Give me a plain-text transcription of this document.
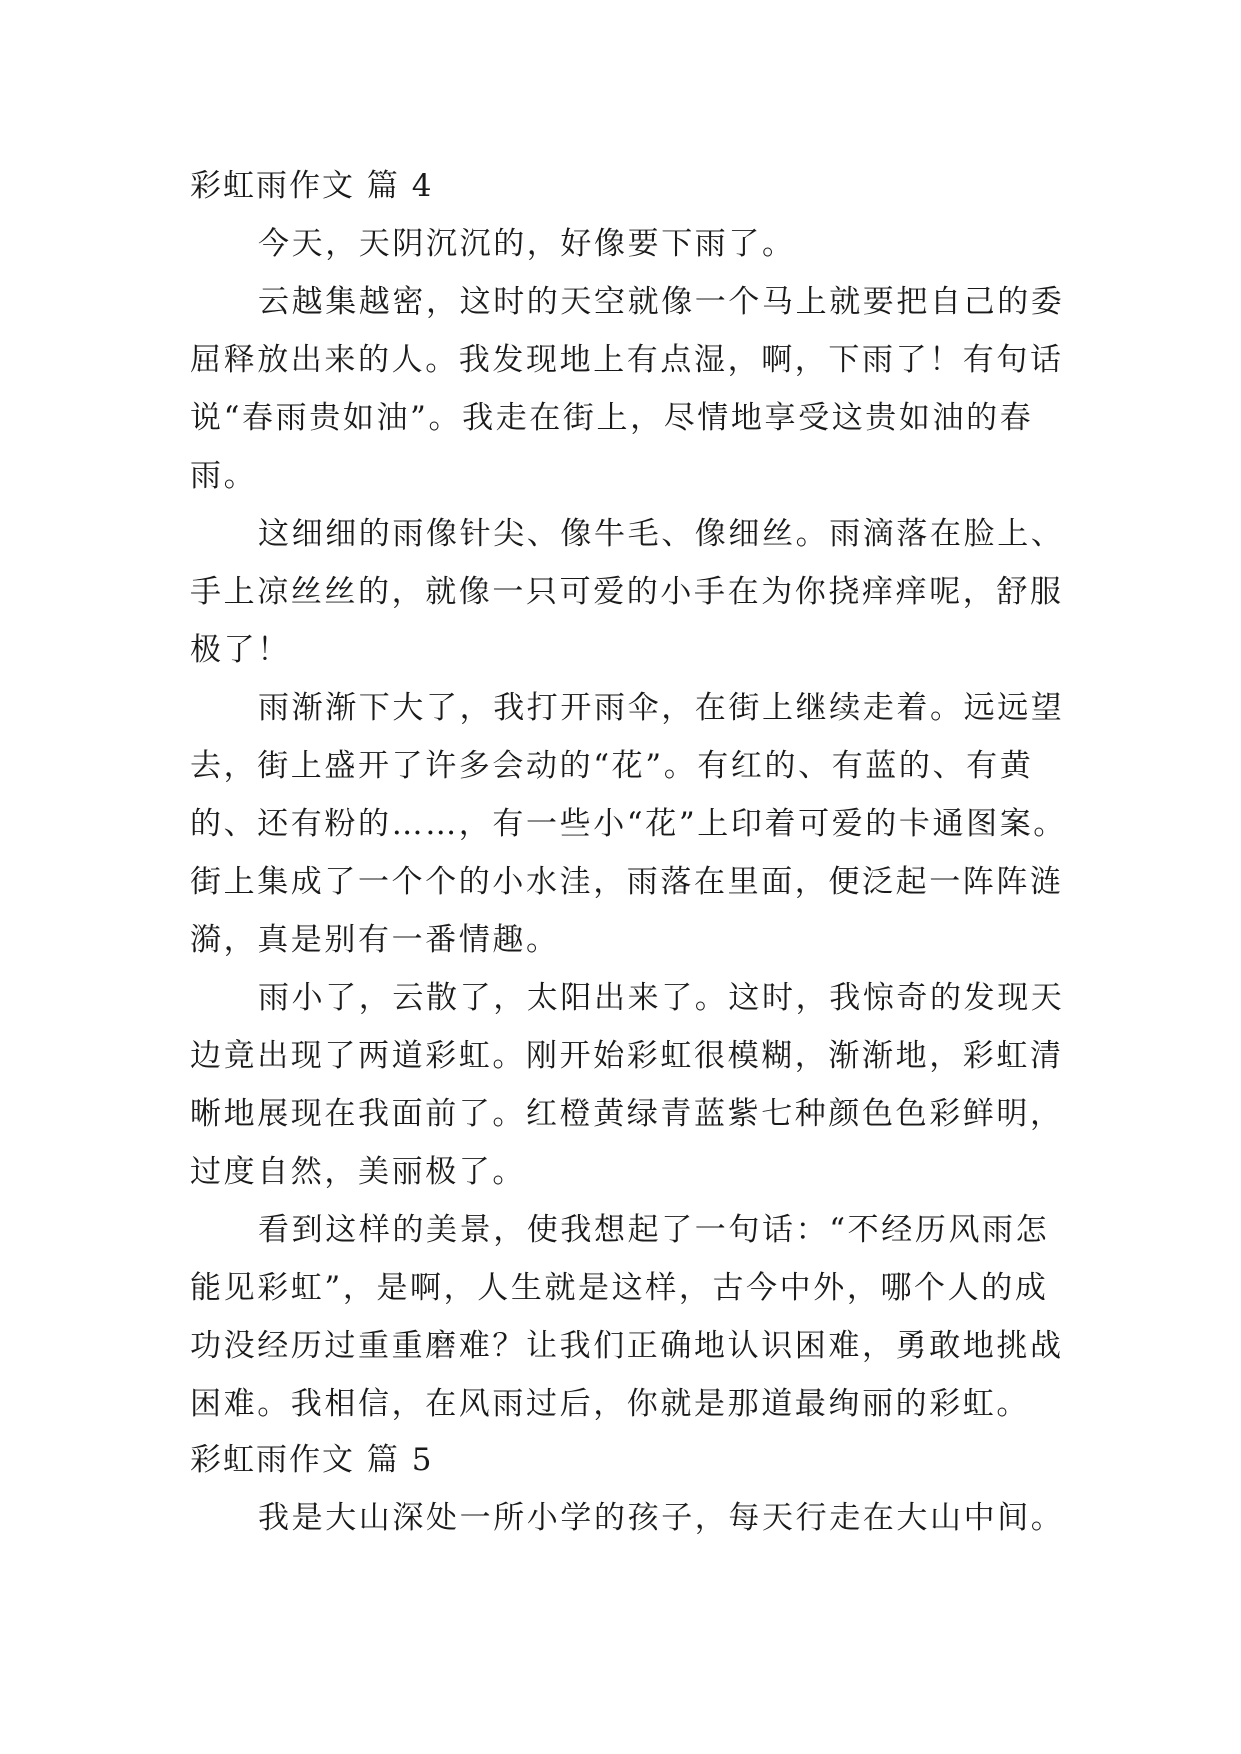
彩虹雨作文 篇 4
今天，天阴沉沉的，好像要下雨了。
云越集越密，这时的天空就像一个马上就要把自己的委
屈释放出来的人。我发现地上有点湿，啊，下雨了！有句话
说“春雨贵如油”。我走在街上，尽情地享受这贵如油的春
雨。
这细细的雨像针尖、像牛毛、像细丝。雨滴落在脸上、
手上凉丝丝的，就像一只可爱的小手在为你挠痒痒呢，舒服
极了！
雨渐渐下大了，我打开雨伞，在街上继续走着。远远望
去，街上盛开了许多会动的“花”。有红的、有蓝的、有黄
的、还有粉的……，有一些小“花”上印着可爱的卡通图案。
街上集成了一个个的小水洼，雨落在里面，便泛起一阵阵涟
漪，真是别有一番情趣。
雨小了，云散了，太阳出来了。这时，我惊奇的发现天
边竟出现了两道彩虹。刚开始彩虹很模糊，渐渐地，彩虹清
晰地展现在我面前了。红橙黄绿青蓝紫七种颜色色彩鲜明，
过度自然，美丽极了。
看到这样的美景，使我想起了一句话：“不经历风雨怎
能见彩虹”，是啊，人生就是这样，古今中外，哪个人的成
功没经历过重重磨难？让我们正确地认识困难，勇敢地挑战
困难。我相信，在风雨过后，你就是那道最绚丽的彩虹。
彩虹雨作文 篇 5
我是大山深处一所小学的孩子，每天行走在大山中间。
